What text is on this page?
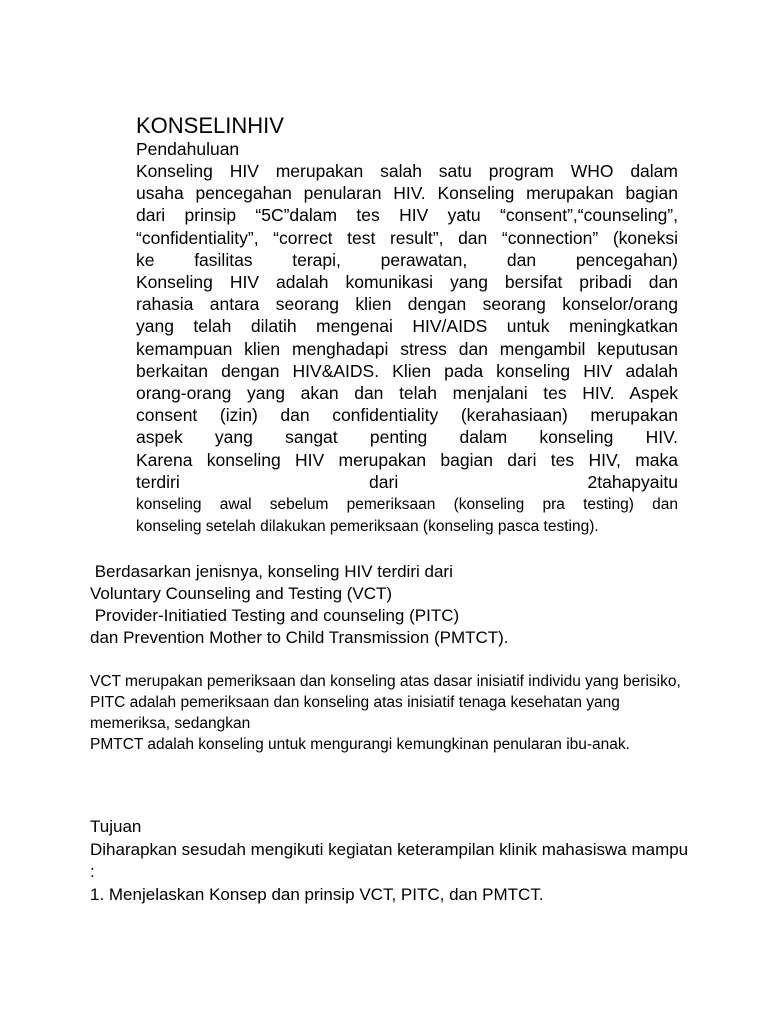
KONSELINHIV
Pendahuluan
Konseling HIV merupakan salah satu program WHO dalam
usaha pencegahan penularan HIV. Konseling merupakan bagian
dari prinsip “5C”dalam tes HIV yatu “consent”,“counseling”,
“confidentiality”, “correct test result”, dan “connection” (koneksi
ke fasilitas terapi, perawatan, dan pencegahan)
Konseling HIV adalah komunikasi yang bersifat pribadi dan
rahasia antara seorang klien dengan seorang konselor/orang
yang telah dilatih mengenai HIV/AIDS untuk meningkatkan
kemampuan klien menghadapi stress dan mengambil keputusan
berkaitan dengan HIV&AIDS. Klien pada konseling HIV adalah
orang-orang yang akan dan telah menjalani tes HIV. Aspek
consent (izin) dan confidentiality (kerahasiaan) merupakan
aspek yang sangat penting dalam konseling HIV.
Karena konseling HIV merupakan bagian dari tes HIV, maka
terdiri dari 2tahapyaitu
konseling awal sebelum pemeriksaan (konseling pra testing) dan
konseling setelah dilakukan pemeriksaan (konseling pasca testing).
Berdasarkan jenisnya, konseling HIV terdiri dari
Voluntary Counseling and Testing (VCT)
Provider-Initiatied Testing and counseling (PITC)
dan Prevention Mother to Child Transmission (PMTCT).

VCT merupakan pemeriksaan dan konseling atas dasar inisiatif individu yang berisiko,

PITC adalah pemeriksaan dan konseling atas inisiatif tenaga kesehatan yang memeriksa, sedangkan

PMTCT adalah konseling untuk mengurangi kemungkinan penularan ibu-anak.

Tujuan

Diharapkan sesudah mengikuti kegiatan keterampilan klinik mahasiswa mampu :

1. Menjelaskan Konsep dan prinsip VCT, PITC, dan PMTCT.
